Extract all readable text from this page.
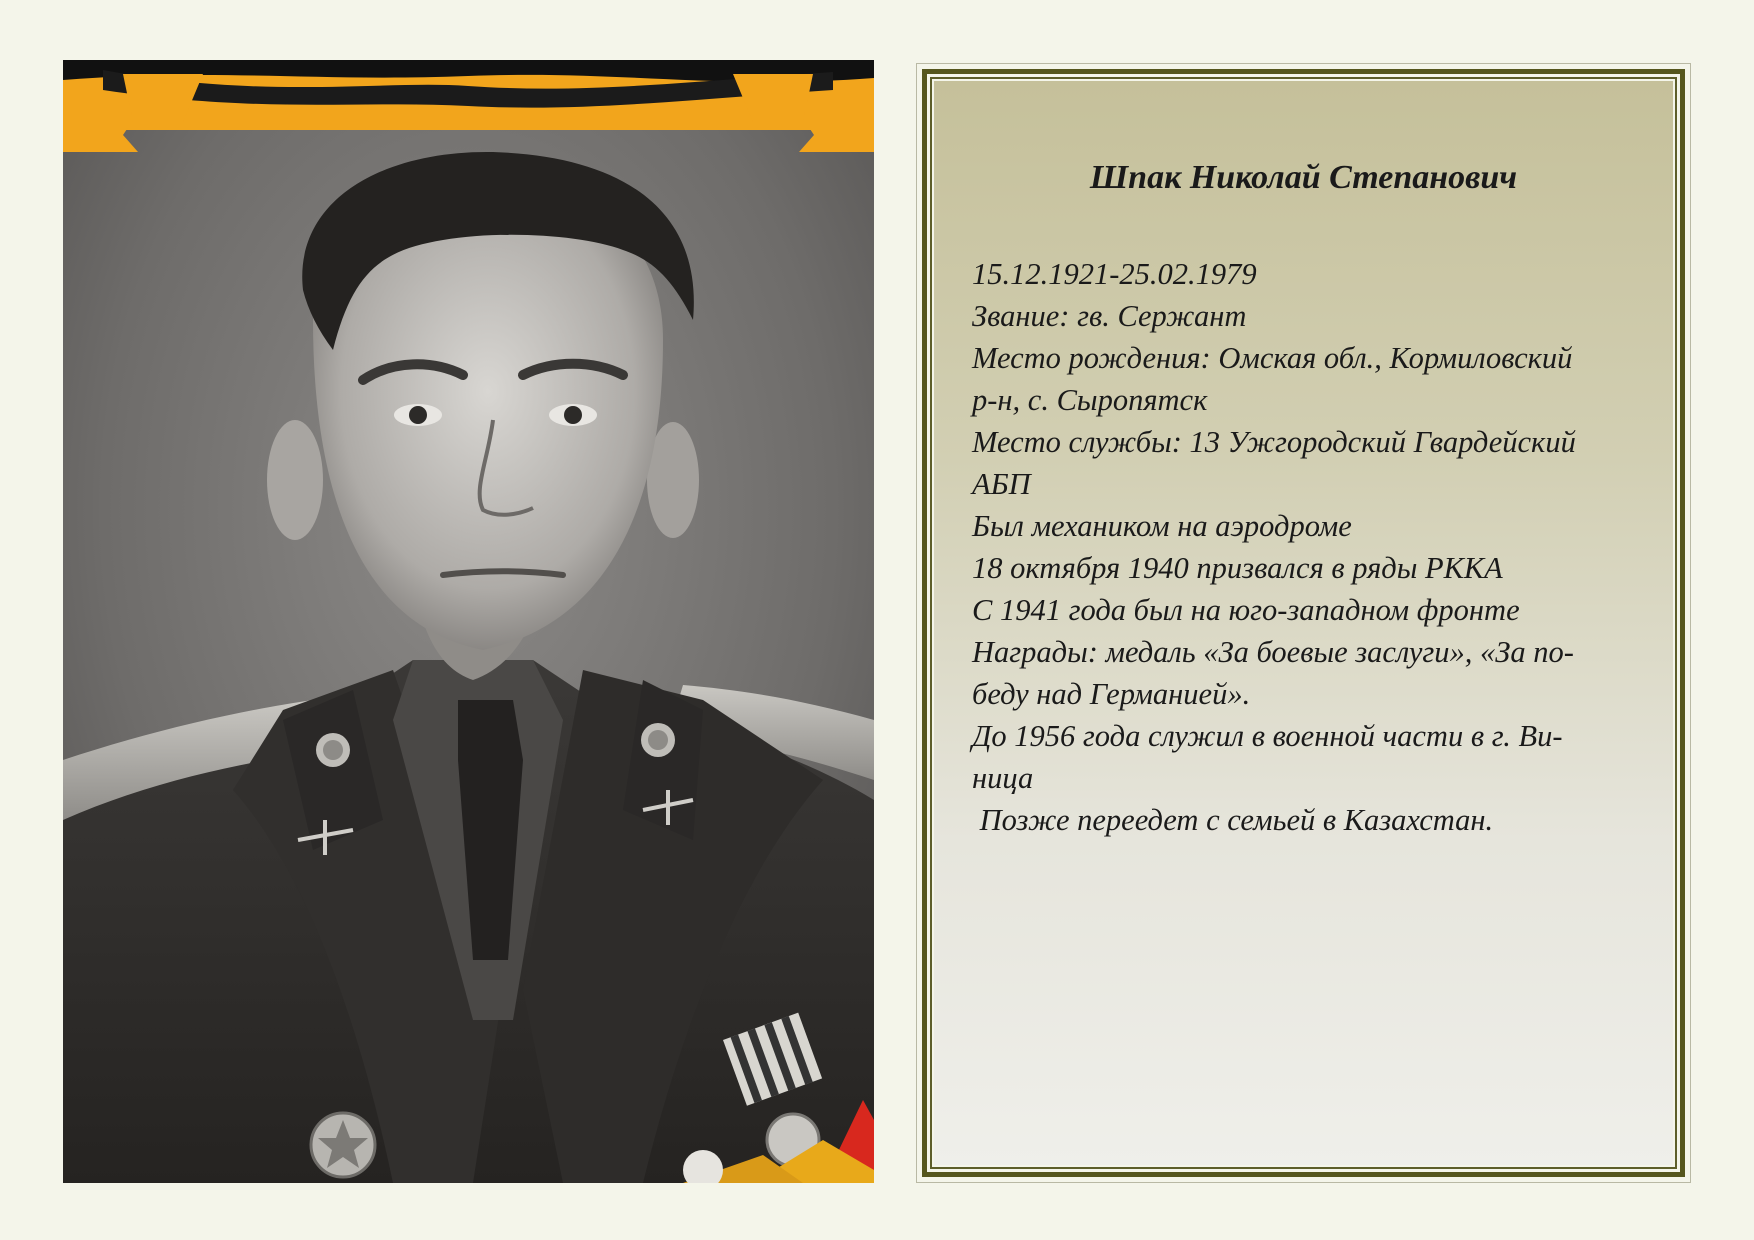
Шпак Николай Степанович

15.12.1921-25.02.1979

Звание: гв. Сержант

Место рождения: Омская обл., Кормиловский

р-н, с. Сыропятск

Место службы: 13 Ужгородский Гвардейский

АБП

Был механиком на аэродроме

18 октября 1940 призвался в ряды РККА

С 1941 года был на юго-западном фронте

Награды: медаль «За боевые заслуги», «За по-

беду над Германией».

До 1956 года служил в военной части в г. Ви-

ница

Позже переедет с семьей в Казахстан.
